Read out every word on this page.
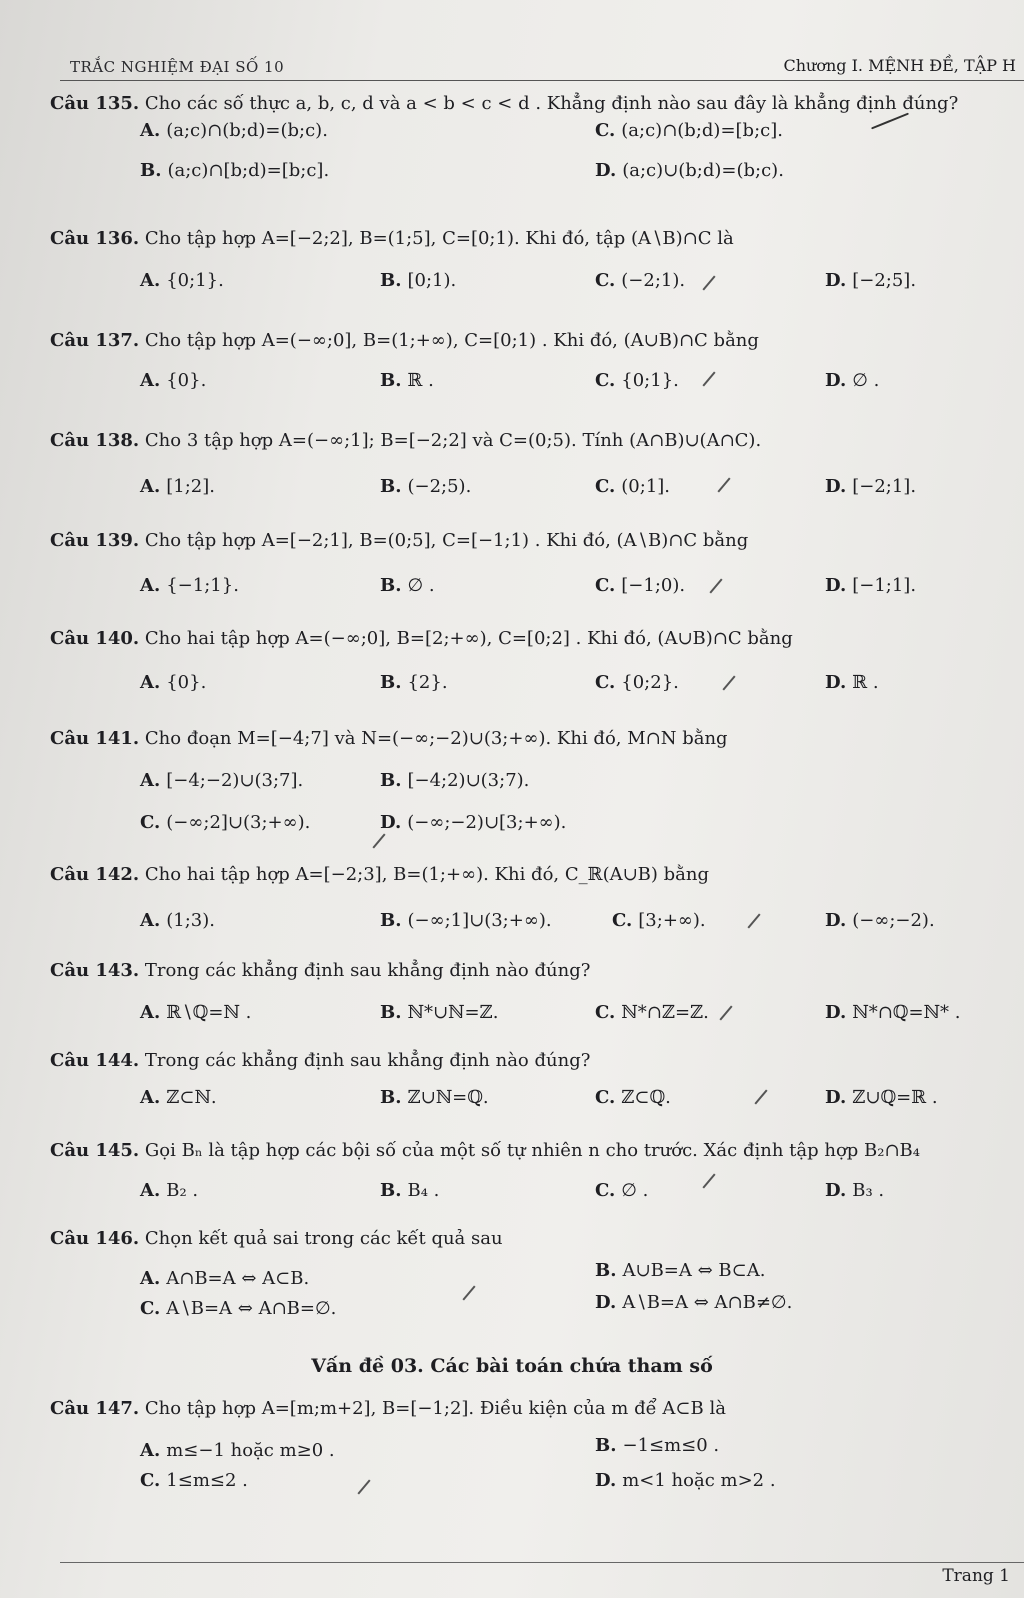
TRẮC NGHIỆM ĐẠI SỐ 10	Chương I. MỆNH ĐỀ, TẬP H
Câu 135. Cho các số thực a, b, c, d và a < b < c < d . Khẳng định nào sau đây là khẳng định đúng?
A. (a;c)∩(b;d)=(b;c).	C. (a;c)∩(b;d)=[b;c].
B. (a;c)∩[b;d)=[b;c].	D. (a;c)∪(b;d)=(b;c).
Câu 136. Cho tập hợp A=[−2;2], B=(1;5], C=[0;1). Khi đó, tập (A∖B)∩C là
A. {0;1}.	B. [0;1).	C. (−2;1).	D. [−2;5].
Câu 137. Cho tập hợp A=(−∞;0], B=(1;+∞), C=[0;1) . Khi đó, (A∪B)∩C bằng
A. {0}.	B. ℝ .	C. {0;1}.	D. ∅ .
Câu 138. Cho 3 tập hợp A=(−∞;1]; B=[−2;2] và C=(0;5). Tính (A∩B)∪(A∩C).
A. [1;2].	B. (−2;5).	C. (0;1].	D. [−2;1].
Câu 139. Cho tập hợp A=[−2;1], B=(0;5], C=[−1;1) . Khi đó, (A∖B)∩C bằng
A. {−1;1}.	B. ∅ .	C. [−1;0).	D. [−1;1].
Câu 140. Cho hai tập hợp A=(−∞;0], B=[2;+∞), C=[0;2] . Khi đó, (A∪B)∩C bằng
A. {0}.	B. {2}.	C. {0;2}.	D. ℝ .
Câu 141. Cho đoạn M=[−4;7] và N=(−∞;−2)∪(3;+∞). Khi đó, M∩N bằng
A. [−4;−2)∪(3;7].	B. [−4;2)∪(3;7).
C. (−∞;2]∪(3;+∞).	D. (−∞;−2)∪[3;+∞).
Câu 142. Cho hai tập hợp A=[−2;3], B=(1;+∞). Khi đó, C_ℝ(A∪B) bằng
A. (1;3).	B. (−∞;1]∪(3;+∞).	C. [3;+∞).	D. (−∞;−2).
Câu 143. Trong các khẳng định sau khẳng định nào đúng?
A. ℝ∖ℚ=ℕ .	B. ℕ*∪ℕ=ℤ.	C. ℕ*∩ℤ=ℤ.	D. ℕ*∩ℚ=ℕ* .
Câu 144. Trong các khẳng định sau khẳng định nào đúng?
A. ℤ⊂ℕ.	B. ℤ∪ℕ=ℚ.	C. ℤ⊂ℚ.	D. ℤ∪ℚ=ℝ .
Câu 145. Gọi Bₙ là tập hợp các bội số của một số tự nhiên n cho trước. Xác định tập hợp B₂∩B₄
A. B₂ .	B. B₄ .	C. ∅ .	D. B₃ .
Câu 146. Chọn kết quả sai trong các kết quả sau
A. A∩B=A ⇔ A⊂B.	B. A∪B=A ⇔ B⊂A.
C. A∖B=A ⇔ A∩B=∅.	D. A∖B=A ⇔ A∩B≠∅.
Câu 147. Cho tập hợp A=[m;m+2], B=[−1;2]. Điều kiện của m để A⊂B là
A. m≤−1 hoặc m≥0 .	B. −1≤m≤0 .
C. 1≤m≤2 .	D. m<1 hoặc m>2 .
Vấn đề 03. Các bài toán chứa tham số
Trang 1
